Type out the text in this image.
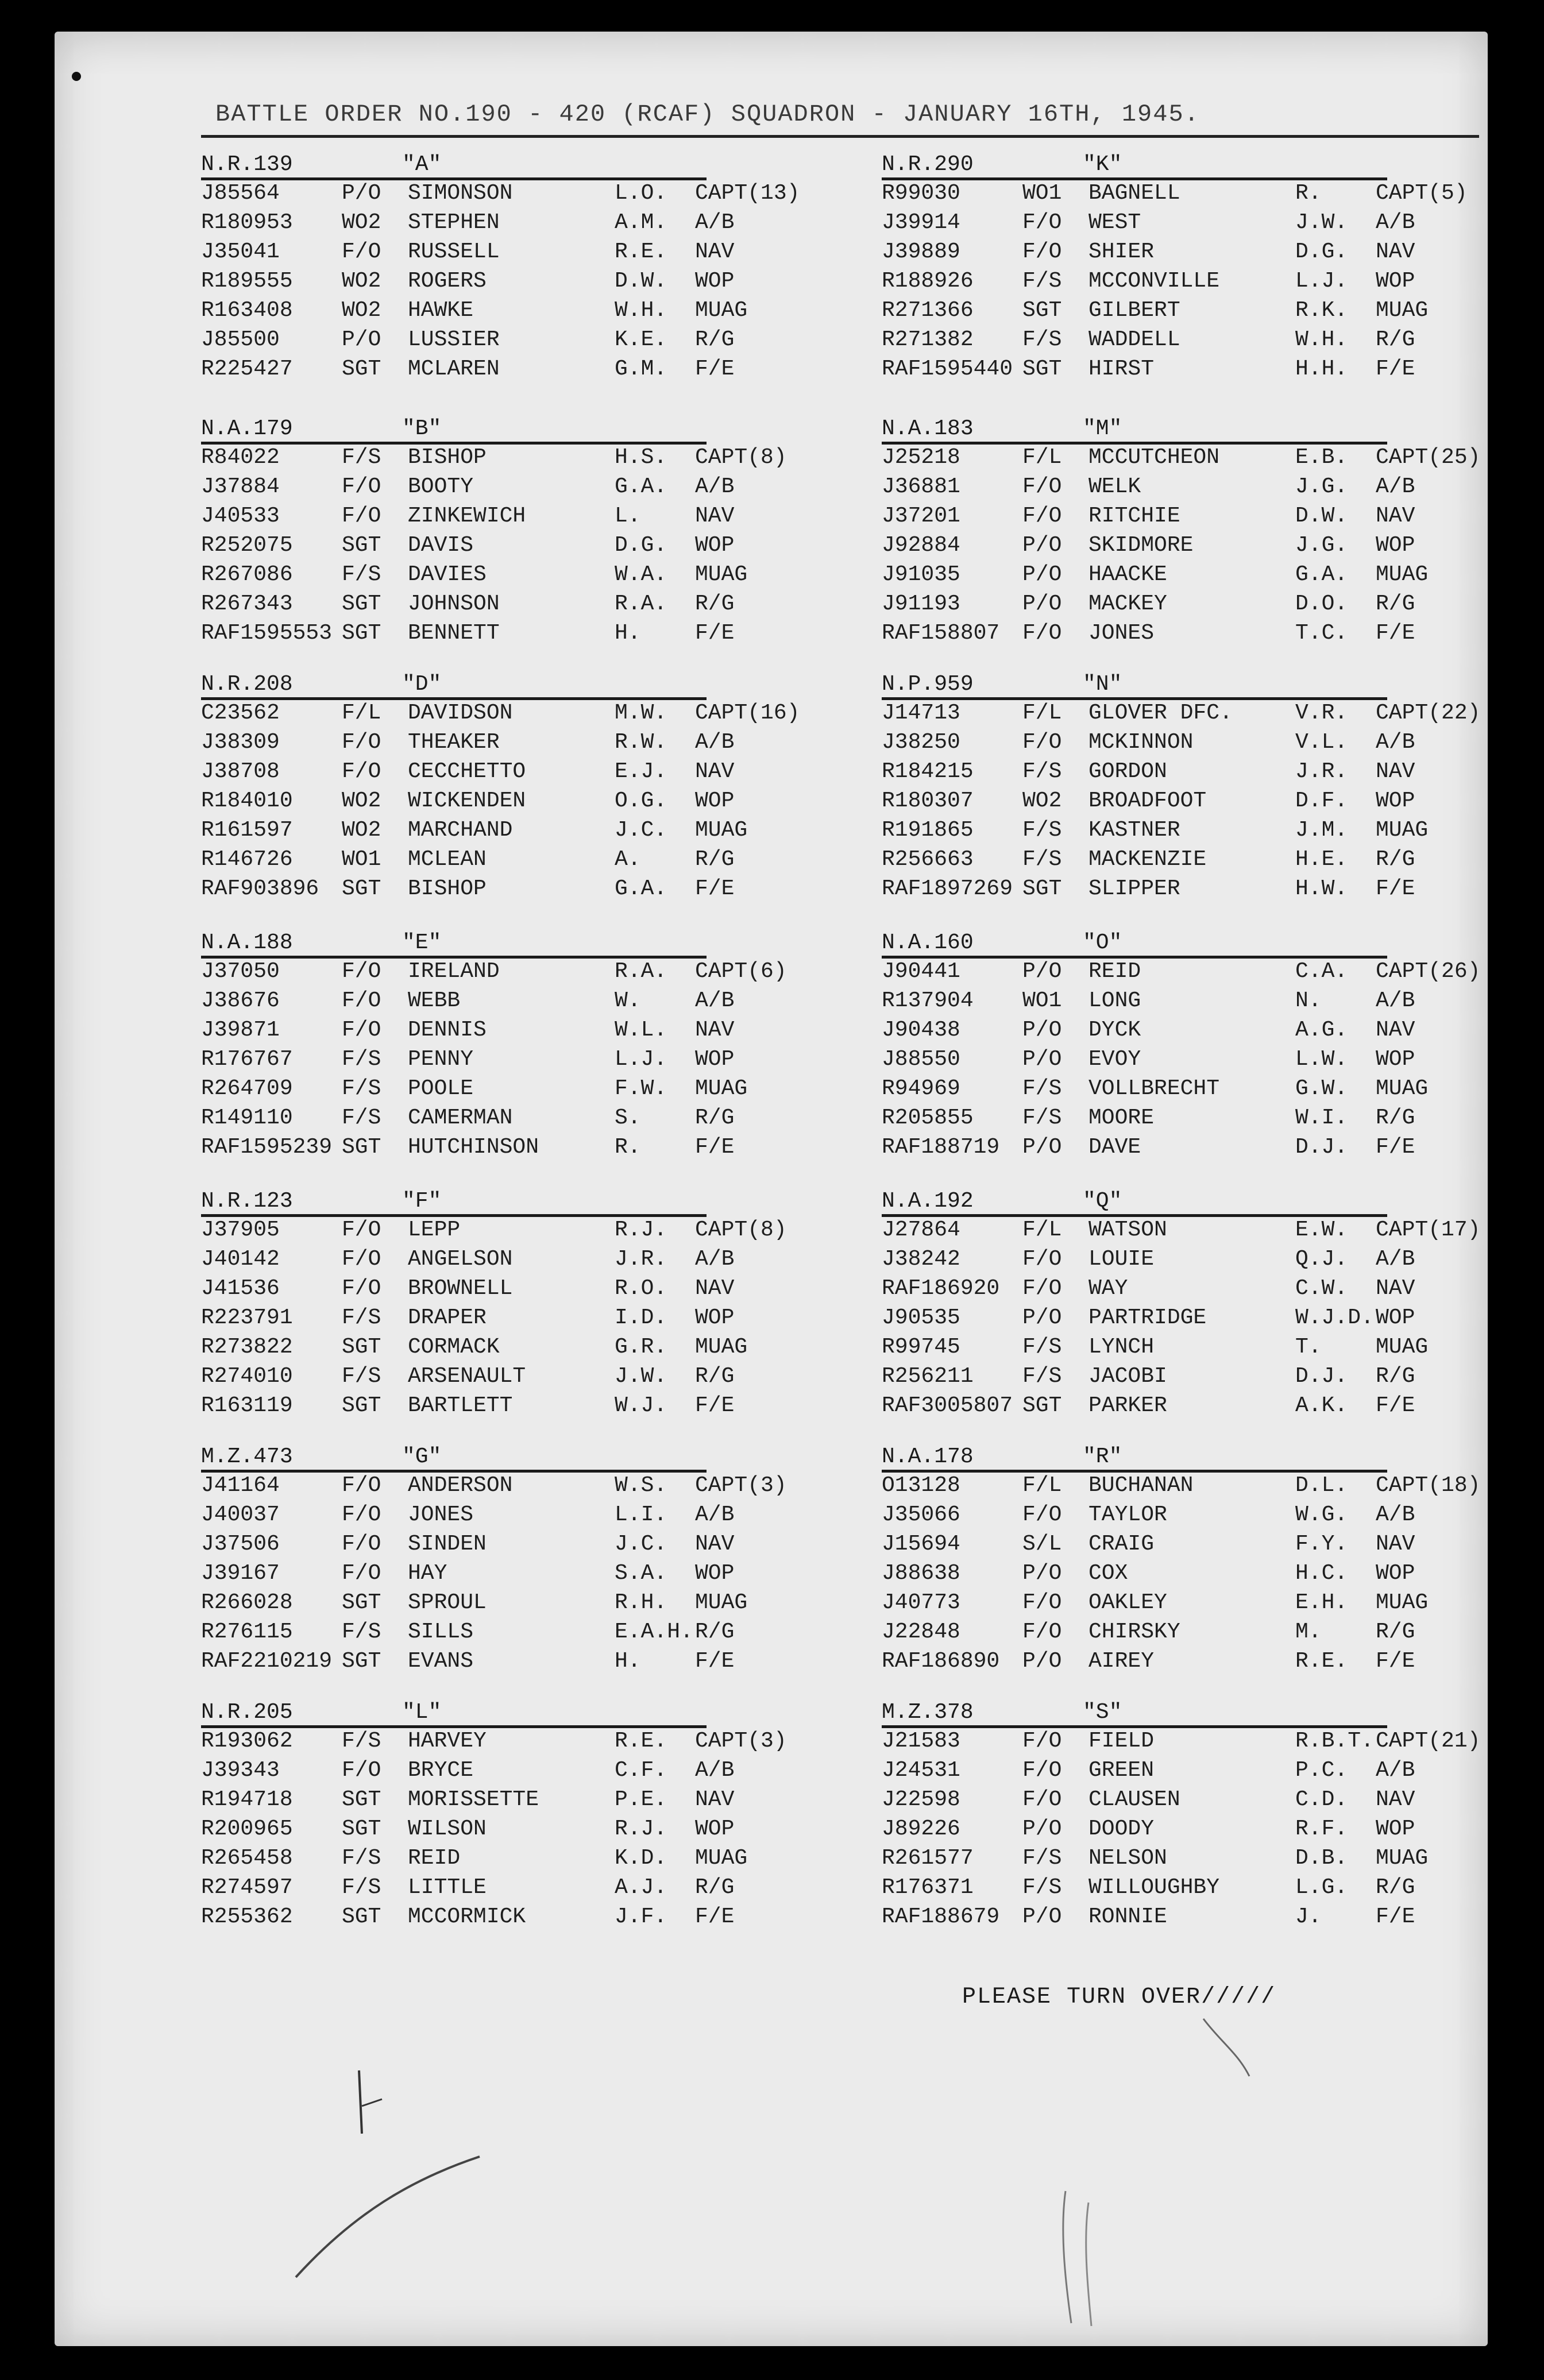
BATTLE ORDER NO.190 - 420 (RCAF) SQUADRON - JANUARY 16TH, 1945.
N.R.139	"A"
J85564	P/O SIMONSON	L.O. CAPT(13)
R180953 WO2 STEPHEN	A.M. A/B
J35041	F/O RUSSELL	R.E. NAV
R189555 WO2 ROGERS	D.W. WOP
R163408 WO2 HAWKE	W.H. MUAG
J85500	P/O LUSSIER	K.E. R/G
R225427 SGT MCLAREN	G.M. F/E
N.A.179	"B"
R84022	F/S BISHOP	H.S. CAPT(8)
J37884	F/O BOOTY	G.A. A/B
J40533	F/O ZINKEWICH	L. NAV
R252075 SGT DAVIS	D.G. WOP
R267086 F/S DAVIES	W.A. MUAG
R267343 SGT JOHNSON	R.A. R/G
RAF1595553 SGT BENNETT	H. F/E
N.R.208	"D"
C23562	F/L DAVIDSON	M.W. CAPT(16)
J38309	F/O THEAKER	R.W. A/B
J38708	F/O CECCHETTO	E.J. NAV
R184010 WO2 WICKENDEN	O.G. WOP
R161597 WO2 MARCHAND	J.C. MUAG
R146726 WO1 MCLEAN	A. R/G
RAF903896 SGT BISHOP	G.A. F/E
N.A.188	"E"
J37050	F/O IRELAND	R.A. CAPT(6)
J38676	F/O WEBB	W. A/B
J39871	F/O DENNIS	W.L. NAV
R176767 F/S PENNY	L.J. WOP
R264709 F/S POOLE	F.W. MUAG
R149110 F/S CAMERMAN	S. R/G
RAF1595239 SGT HUTCHINSON	R. F/E
N.R.123	"F"
J37905	F/O LEPP	R.J. CAPT(8)
J40142	F/O ANGELSON	J.R. A/B
J41536	F/O BROWNELL	R.O. NAV
R223791 F/S DRAPER	I.D. WOP
R273822 SGT CORMACK	G.R. MUAG
R274010 F/S ARSENAULT	J.W. R/G
R163119 SGT BARTLETT	W.J. F/E
M.Z.473	"G"
J41164	F/O ANDERSON	W.S. CAPT(3)
J40037	F/O JONES	L.I. A/B
J37506	F/O SINDEN	J.C. NAV
J39167	F/O HAY	S.A. WOP
R266028 SGT SPROUL	R.H. MUAG
R276115 F/S SILLS	E.A.H. R/G
RAF2210219 SGT EVANS	H. F/E
N.R.205	"L"
R193062 F/S HARVEY	R.E. CAPT(3)
J39343	F/O BRYCE	C.F. A/B
R194718 SGT MORISSETTE	P.E. NAV
R200965 SGT WILSON	R.J. WOP
R265458 F/S REID	K.D. MUAG
R274597 F/S LITTLE	A.J. R/G
R255362 SGT MCCORMICK	J.F. F/E
N.R.290	"K"
R99030	WO1 BAGNELL	R. CAPT(5)
J39914	F/O WEST	J.W. A/B
J39889	F/O SHIER	D.G. NAV
R188926 F/S MCCONVILLE	L.J. WOP
R271366 SGT GILBERT	R.K. MUAG
R271382 F/S WADDELL	W.H. R/G
RAF1595440 SGT HIRST	H.H. F/E
N.A.183	"M"
J25218	F/L MCCUTCHEON	E.B. CAPT(25)
J36881	F/O WELK	J.G. A/B
J37201	F/O RITCHIE	D.W. NAV
J92884	P/O SKIDMORE	J.G. WOP
J91035	P/O HAACKE	G.A. MUAG
J91193	P/O MACKEY	D.O. R/G
RAF158807 F/O JONES	T.C. F/E
N.P.959	"N"
J14713	F/L GLOVER DFC.	V.R. CAPT(22)
J38250	F/O MCKINNON	V.L. A/B
R184215 F/S GORDON	J.R. NAV
R180307 WO2 BROADFOOT	D.F. WOP
R191865 F/S KASTNER	J.M. MUAG
R256663 F/S MACKENZIE	H.E. R/G
RAF1897269 SGT SLIPPER	H.W. F/E
N.A.160	"O"
J90441	P/O REID	C.A. CAPT(26)
R137904 WO1 LONG	N. A/B
J90438	P/O DYCK	A.G. NAV
J88550	P/O EVOY	L.W. WOP
R94969	F/S VOLLBRECHT	G.W. MUAG
R205855 F/S MOORE	W.I. R/G
RAF188719 P/O DAVE	D.J. F/E
N.A.192	"Q"
J27864	F/L WATSON	E.W. CAPT(17)
J38242	F/O LOUIE	Q.J. A/B
RAF186920 F/O WAY	C.W. NAV
J90535	P/O PARTRIDGE	W.J.D. WOP
R99745	F/S LYNCH	T. MUAG
R256211 F/S JACOBI	D.J. R/G
RAF3005807 SGT PARKER	A.K. F/E
N.A.178	"R"
O13128	F/L BUCHANAN	D.L. CAPT(18)
J35066	F/O TAYLOR	W.G. A/B
J15694	S/L CRAIG	F.Y. NAV
J88638	P/O COX	H.C. WOP
J40773	F/O OAKLEY	E.H. MUAG
J22848	F/O CHIRSKY	M. R/G
RAF186890 P/O AIREY	R.E. F/E
M.Z.378	"S"
J21583	F/O FIELD	R.B.T. CAPT(21)
J24531	F/O GREEN	P.C. A/B
J22598	F/O CLAUSEN	C.D. NAV
J89226	P/O DOODY	R.F. WOP
R261577 F/S NELSON	D.B. MUAG
R176371 F/S WILLOUGHBY	L.G. R/G
RAF188679 P/O RONNIE	J. F/E
PLEASE TURN OVER/////
